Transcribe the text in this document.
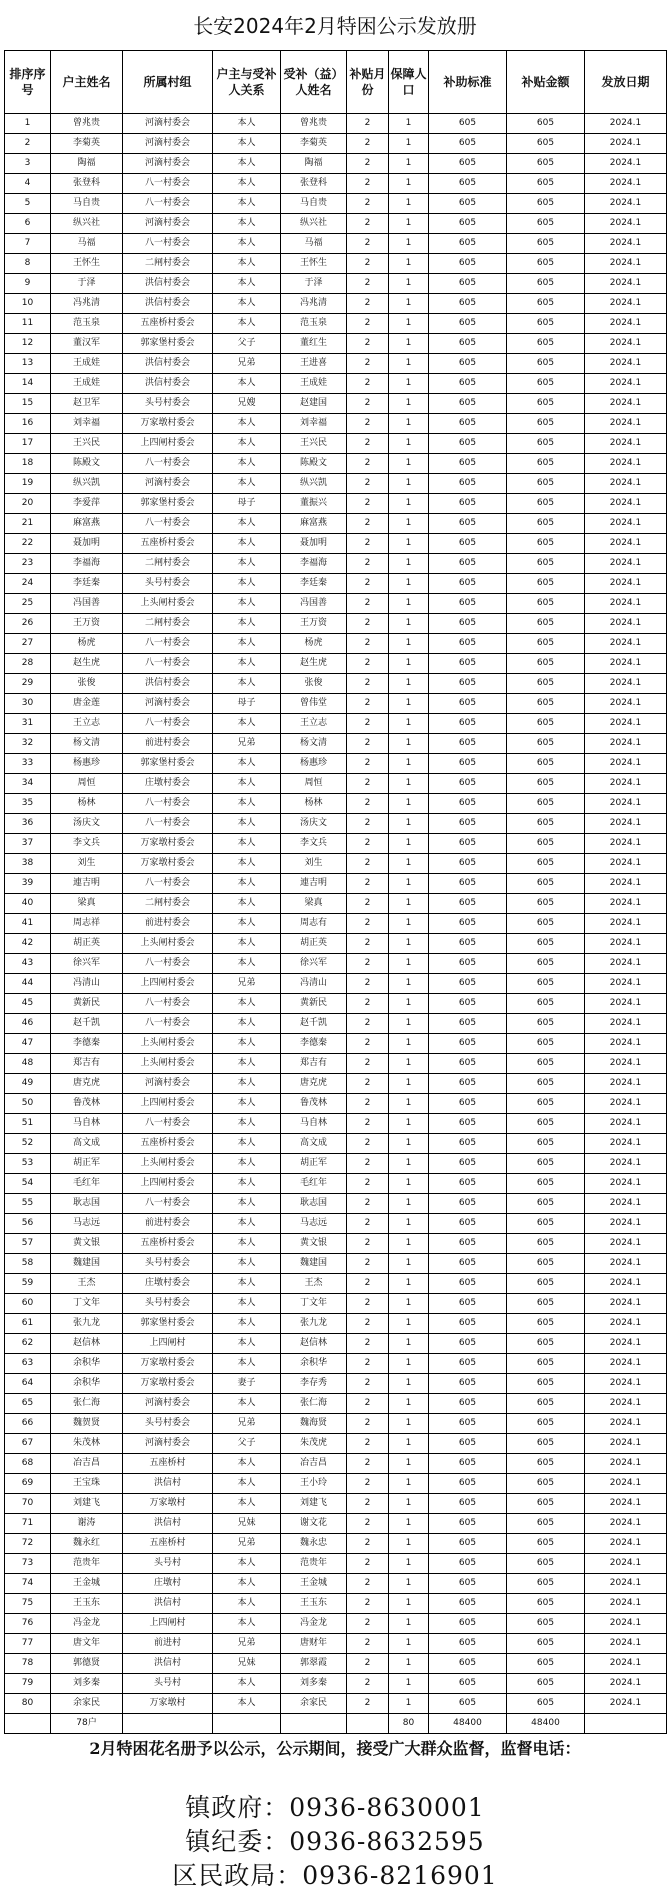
长安2024年2月特困公示发放册
排序序号	户主姓名	所属村组	户主与受补人关系	受补（益）人姓名	补贴月份	保障人口	补助标准	补贴金额	发放日期
1	曾兆贵	河滴村委会	本人	曾兆贵	2	1	605	605	2024.1
2	李菊英	河滴村委会	本人	李菊英	2	1	605	605	2024.1
3	陶福	河滴村委会	本人	陶福	2	1	605	605	2024.1
4	张登科	八一村委会	本人	张登科	2	1	605	605	2024.1
5	马自贵	八一村委会	本人	马自贵	2	1	605	605	2024.1
6	纵兴社	河滴村委会	本人	纵兴社	2	1	605	605	2024.1
7	马福	八一村委会	本人	马福	2	1	605	605	2024.1
8	王怀生	二闸村委会	本人	王怀生	2	1	605	605	2024.1
9	于泽	洪信村委会	本人	于泽	2	1	605	605	2024.1
10	冯兆清	洪信村委会	本人	冯兆清	2	1	605	605	2024.1
11	范玉泉	五座桥村委会	本人	范玉泉	2	1	605	605	2024.1
12	董汉军	郭家堡村委会	父子	董红生	2	1	605	605	2024.1
13	王成娃	洪信村委会	兄弟	王进喜	2	1	605	605	2024.1
14	王成娃	洪信村委会	本人	王成娃	2	1	605	605	2024.1
15	赵卫军	头号村委会	兄嫂	赵建国	2	1	605	605	2024.1
16	刘幸福	万家墩村委会	本人	刘幸福	2	1	605	605	2024.1
17	王兴民	上四闸村委会	本人	王兴民	2	1	605	605	2024.1
18	陈殿文	八一村委会	本人	陈殿文	2	1	605	605	2024.1
19	纵兴凯	河滴村委会	本人	纵兴凯	2	1	605	605	2024.1
20	李爱萍	郭家堡村委会	母子	董振兴	2	1	605	605	2024.1
21	麻富燕	八一村委会	本人	麻富燕	2	1	605	605	2024.1
22	聂加明	五座桥村委会	本人	聂加明	2	1	605	605	2024.1
23	李福海	二闸村委会	本人	李福海	2	1	605	605	2024.1
24	李廷秦	头号村委会	本人	李廷秦	2	1	605	605	2024.1
25	冯国善	上头闸村委会	本人	冯国善	2	1	605	605	2024.1
26	王万资	二闸村委会	本人	王万资	2	1	605	605	2024.1
27	杨虎	八一村委会	本人	杨虎	2	1	605	605	2024.1
28	赵生虎	八一村委会	本人	赵生虎	2	1	605	605	2024.1
29	张俊	洪信村委会	本人	张俊	2	1	605	605	2024.1
30	唐金莲	河滴村委会	母子	曾伟堂	2	1	605	605	2024.1
31	王立志	八一村委会	本人	王立志	2	1	605	605	2024.1
32	杨文清	前进村委会	兄弟	杨文清	2	1	605	605	2024.1
33	杨惠珍	郭家堡村委会	本人	杨惠珍	2	1	605	605	2024.1
34	周恒	庄墩村委会	本人	周恒	2	1	605	605	2024.1
35	杨林	八一村委会	本人	杨林	2	1	605	605	2024.1
36	汤庆文	八一村委会	本人	汤庆文	2	1	605	605	2024.1
37	李文兵	万家墩村委会	本人	李文兵	2	1	605	605	2024.1
38	刘生	万家墩村委会	本人	刘生	2	1	605	605	2024.1
39	連吉明	八一村委会	本人	連吉明	2	1	605	605	2024.1
40	梁真	二闸村委会	本人	梁真	2	1	605	605	2024.1
41	周志祥	前进村委会	本人	周志有	2	1	605	605	2024.1
42	胡正英	上头闸村委会	本人	胡正英	2	1	605	605	2024.1
43	徐兴军	八一村委会	本人	徐兴军	2	1	605	605	2024.1
44	冯清山	上四闸村委会	兄弟	冯清山	2	1	605	605	2024.1
45	黄新民	八一村委会	本人	黄新民	2	1	605	605	2024.1
46	赵千凯	八一村委会	本人	赵千凯	2	1	605	605	2024.1
47	李德秦	上头闸村委会	本人	李德秦	2	1	605	605	2024.1
48	郑吉有	上头闸村委会	本人	郑吉有	2	1	605	605	2024.1
49	唐克虎	河滴村委会	本人	唐克虎	2	1	605	605	2024.1
50	鲁茂林	上四闸村委会	本人	鲁茂林	2	1	605	605	2024.1
51	马自林	八一村委会	本人	马自林	2	1	605	605	2024.1
52	高文成	五座桥村委会	本人	高文成	2	1	605	605	2024.1
53	胡正军	上头闸村委会	本人	胡正军	2	1	605	605	2024.1
54	毛红年	上四闸村委会	本人	毛红年	2	1	605	605	2024.1
55	耿志国	八一村委会	本人	耿志国	2	1	605	605	2024.1
56	马志远	前进村委会	本人	马志远	2	1	605	605	2024.1
57	黄文银	五座桥村委会	本人	黄文银	2	1	605	605	2024.1
58	魏建国	头号村委会	本人	魏建国	2	1	605	605	2024.1
59	王杰	庄墩村委会	本人	王杰	2	1	605	605	2024.1
60	丁文年	头号村委会	本人	丁文年	2	1	605	605	2024.1
61	张九龙	郭家堡村委会	本人	张九龙	2	1	605	605	2024.1
62	赵信林	上四闸村	本人	赵信林	2	1	605	605	2024.1
63	余积华	万家墩村委会	本人	余积华	2	1	605	605	2024.1
64	余积华	万家墩村委会	妻子	李存秀	2	1	605	605	2024.1
65	张仁海	河滴村委会	本人	张仁海	2	1	605	605	2024.1
66	魏贺贤	头号村委会	兄弟	魏海贤	2	1	605	605	2024.1
67	朱茂林	河滴村委会	父子	朱茂虎	2	1	605	605	2024.1
68	冶吉昌	五座桥村	本人	冶吉昌	2	1	605	605	2024.1
69	王宝珠	洪信村	本人	王小玲	2	1	605	605	2024.1
70	刘建飞	万家墩村	本人	刘建飞	2	1	605	605	2024.1
71	谢涛	洪信村	兄妹	谢文花	2	1	605	605	2024.1
72	魏永红	五座桥村	兄弟	魏永忠	2	1	605	605	2024.1
73	范贵年	头号村	本人	范贵年	2	1	605	605	2024.1
74	王金城	庄墩村	本人	王金城	2	1	605	605	2024.1
75	王玉东	洪信村	本人	王玉东	2	1	605	605	2024.1
76	冯金龙	上四闸村	本人	冯金龙	2	1	605	605	2024.1
77	唐文年	前进村	兄弟	唐财年	2	1	605	605	2024.1
78	郭德贤	洪信村	兄妹	郭翠霞	2	1	605	605	2024.1
79	刘多秦	头号村	本人	刘多秦	2	1	605	605	2024.1
80	余家民	万家墩村	本人	余家民	2	1	605	605	2024.1
	78户					80	48400	48400	
2月特困花名册予以公示，公示期间，接受广大群众监督，监督电话：
镇政府：0936-8630001
镇纪委：0936-8632595
区民政局：0936-8216901
